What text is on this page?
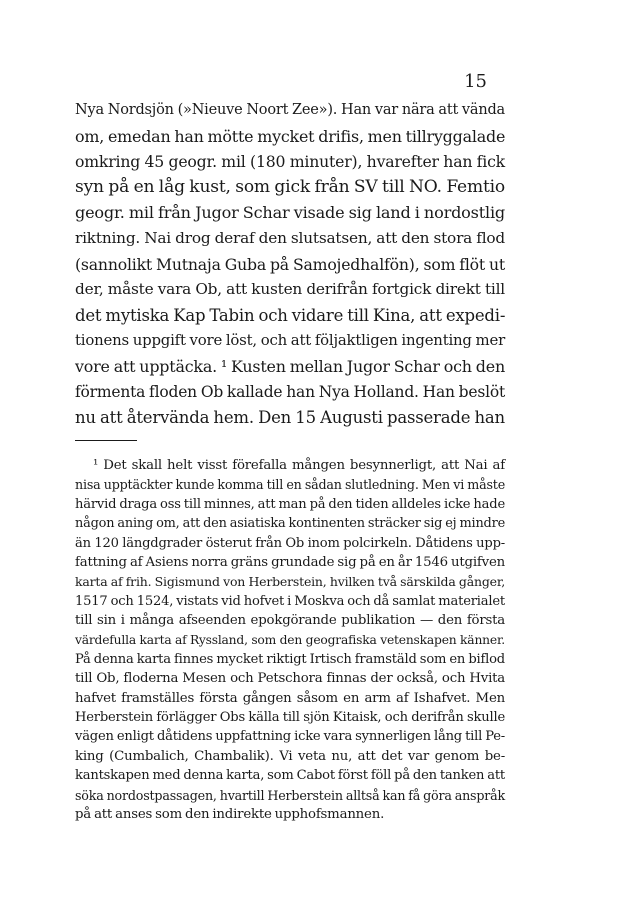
15
Nya Nordsjön (»Nieuve Noort Zee»). Han var nära att vända
om, emedan han mötte mycket drifis, men tillryggalade
omkring 45 geogr. mil (180 minuter), hvarefter han fick
syn på en låg kust, som gick från SV till NO. Femtio
geogr. mil från Jugor Schar visade sig land i nordostlig
riktning. Nai drog deraf den slutsatsen, att den stora flod
(sannolikt Mutnaja Guba på Samojedhalfön), som flöt ut
der, måste vara Ob, att kusten derifrån fortgick direkt till
det mytiska Kap Tabin och vidare till Kina, att expedi-
tionens uppgift vore löst, och att följaktligen ingenting mer
vore att upptäcka. ¹ Kusten mellan Jugor Schar och den
förmenta floden Ob kallade han Nya Holland. Han beslöt
nu att återvända hem. Den 15 Augusti passerade han
¹ Det skall helt visst förefalla mången besynnerligt, att Nai af
nisa upptäckter kunde komma till en sådan slutledning. Men vi måste
härvid draga oss till minnes, att man på den tiden alldeles icke hade
någon aning om, att den asiatiska kontinenten sträcker sig ej mindre
än 120 längdgrader österut från Ob inom polcirkeln. Dåtidens upp-
fattning af Asiens norra gräns grundade sig på en år 1546 utgifven
karta af frih. Sigismund von Herberstein, hvilken två särskilda gånger,
1517 och 1524, vistats vid hofvet i Moskva och då samlat materialet
till sin i många afseenden epokgörande publikation — den första
värdefulla karta af Ryssland, som den geografiska vetenskapen känner.
På denna karta finnes mycket riktigt Irtisch framstäld som en biflod
till Ob, floderna Mesen och Petschora finnas der också, och Hvita
hafvet framställes första gången såsom en arm af Ishafvet. Men
Herberstein förlägger Obs källa till sjön Kitaisk, och derifrån skulle
vägen enligt dåtidens uppfattning icke vara synnerligen lång till Pe-
king (Cumbalich, Chambalik). Vi veta nu, att det var genom be-
kantskapen med denna karta, som Cabot först föll på den tanken att
söka nordostpassagen, hvartill Herberstein alltså kan få göra anspråk
på att anses som den indirekte upphofsmannen.
